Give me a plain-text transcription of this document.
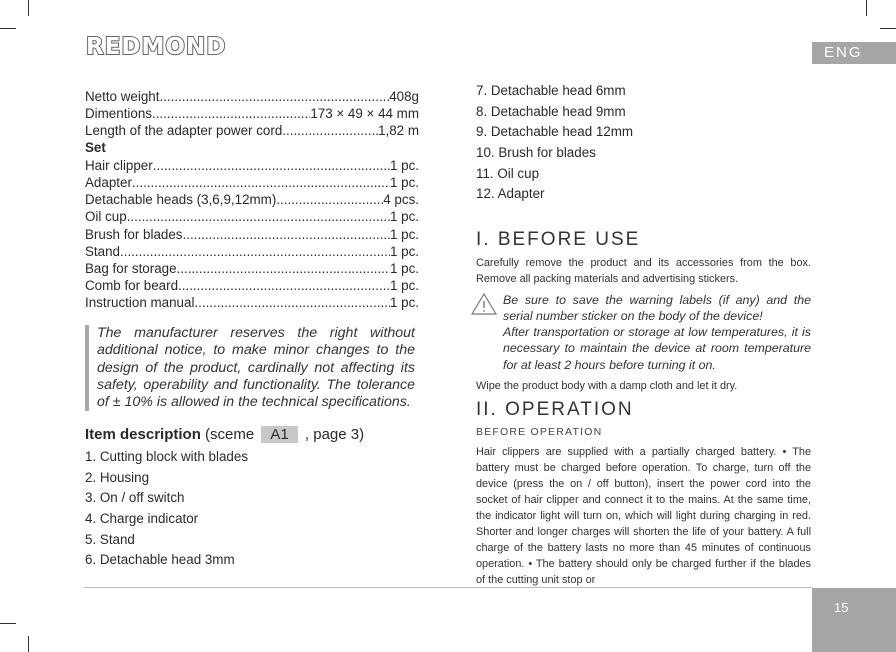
REDMOND	ENG
Netto weight .....	408g
Dimentions .....	173 × 49 × 44 mm
Length of the adapter power cord .....	1,82 m
Set
Hair clipper .....	1 pc.
Adapter .....	1 pc.
Detachable heads (3,6,9,12mm) .....	4 pcs.
Oil cup .....	1 pc.
Brush for blades .....	1 pc.
Stand .....	1 pc.
Bag for storage .....	1 pc.
Comb for beard .....	1 pc.
Instruction manual .....	1 pc.
The manufacturer reserves the right without additional notice, to make minor changes to the design of the product, cardinally not affecting its safety, operability and functionality. The tolerance of ± 10% is allowed in the technical specifications.
Item description (sceme A1 , page 3)
1. Cutting block with blades
2. Housing
3. On / off switch
4. Charge indicator
5. Stand
6. Detachable head 3mm
7. Detachable head 6mm
8. Detachable head 9mm
9. Detachable head 12mm
10. Brush for blades
11. Oil cup
12. Adapter
I. BEFORE USE
Carefully remove the product and its accessories from the box. Remove all packing materials and advertising stickers.
Be sure to save the warning labels (if any) and the serial number sticker on the body of the device!
After transportation or storage at low temperatures, it is necessary to maintain the device at room temperature for at least 2 hours before turning it on.
Wipe the product body with a damp cloth and let it dry.
II. OPERATION
BEFORE OPERATION
Hair clippers are supplied with a partially charged battery. • The battery must be charged before operation. To charge, turn off the device (press the on / off button), insert the power cord into the socket of hair clipper and connect it to the mains. At the same time, the indicator light will turn on, which will light during charging in red. Shorter and longer charges will shorten the life of your battery. A full charge of the battery lasts no more than 45 minutes of continuous operation. • The battery should only be charged further if the blades of the cutting unit stop or
15
